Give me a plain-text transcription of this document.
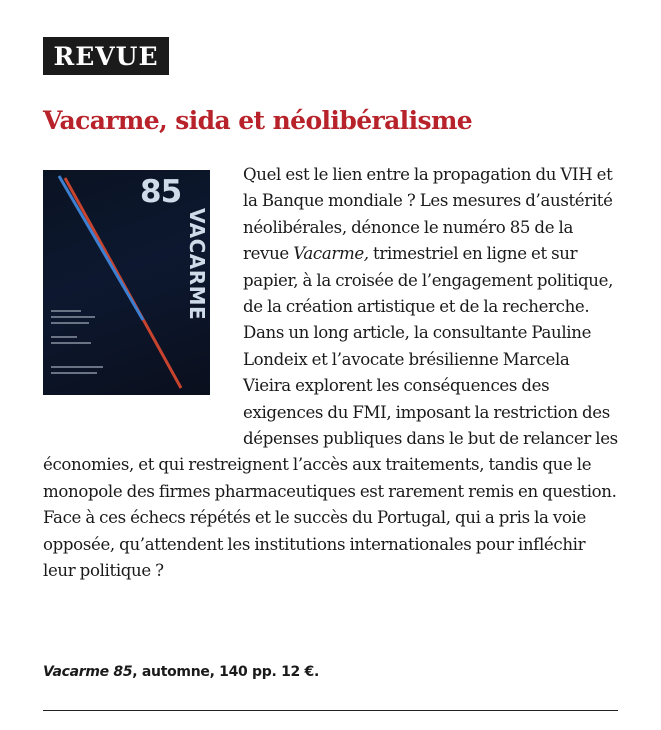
REVUE
Vacarme, sida et néolibéralisme
85
VACARME

Quel est le lien entre la propagation du VIH et la Banque mondiale ? Les mesures d’austérité néolibérales, dénonce le numéro 85 de la revue Vacarme, trimestriel en ligne et sur papier, à la croisée de l’engagement politique, de la création artistique et de la recherche. Dans un long article, la consultante Pauline Londeix et l’avocate brésilienne Marcela Vieira explorent les conséquences des exigences du FMI, imposant la restriction des dépenses publiques dans le but de relancer les économies, et qui restreignent l’accès aux traitements, tandis que le monopole des firmes pharmaceutiques est rarement remis en question. Face à ces échecs répétés et le succès du Portugal, qui a pris la voie opposée, qu’attendent les institutions internationales pour infléchir leur politique ?

Vacarme 85, automne, 140 pp. 12 €.
